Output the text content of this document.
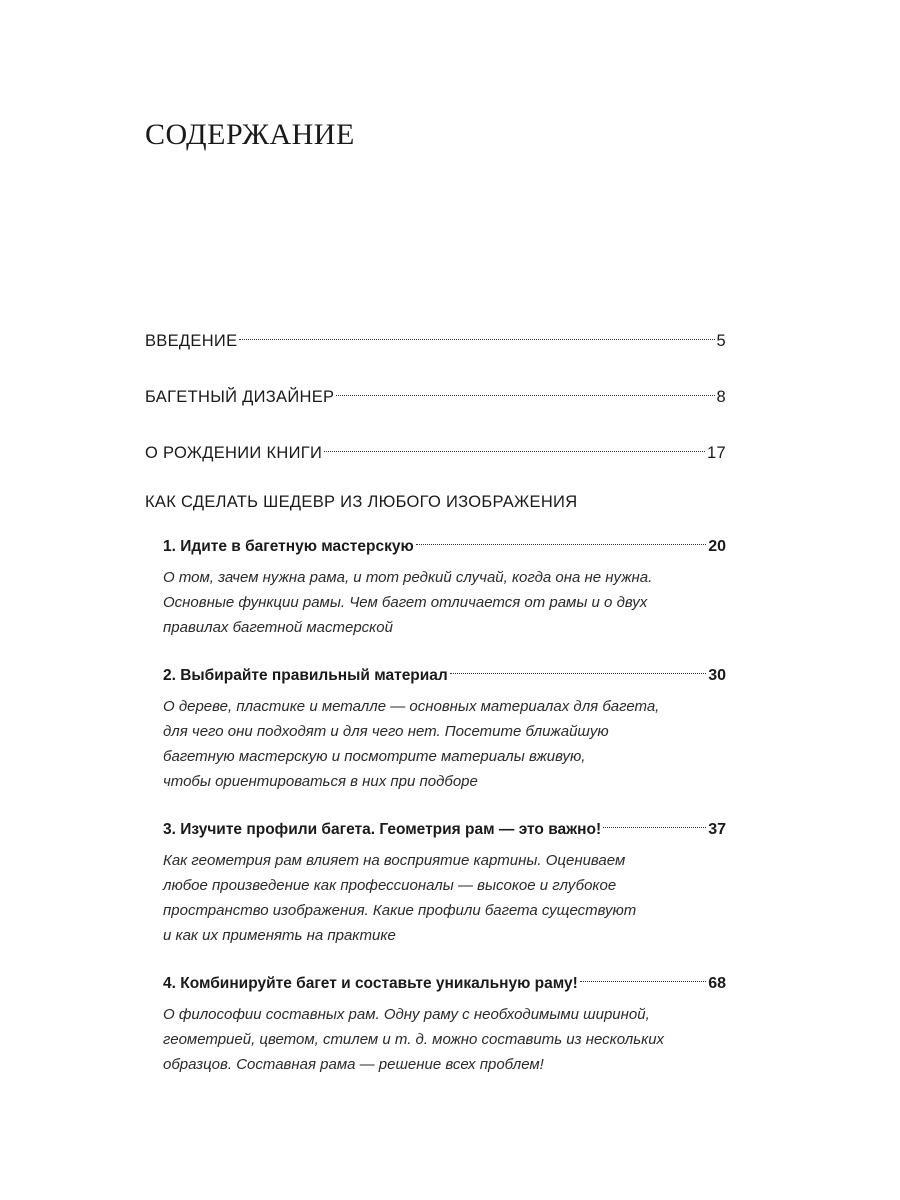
СОДЕРЖАНИЕ
ВВЕДЕНИЕ	5
БАГЕТНЫЙ ДИЗАЙНЕР	8
О РОЖДЕНИИ КНИГИ	17
КАК СДЕЛАТЬ ШЕДЕВР ИЗ ЛЮБОГО ИЗОБРАЖЕНИЯ
1. Идите в багетную мастерскую	20
О том, зачем нужна рама, и тот редкий случай, когда она не нужна.
Основные функции рамы. Чем багет отличается от рамы и о двух
правилах багетной мастерской
2. Выбирайте правильный материал	30
О дереве, пластике и металле — основных материалах для багета,
для чего они подходят и для чего нет. Посетите ближайшую
багетную мастерскую и посмотрите материалы вживую,
чтобы ориентироваться в них при подборе
3. Изучите профили багета. Геометрия рам — это важно!	37
Как геометрия рам влияет на восприятие картины. Оцениваем
любое произведение как профессионалы — высокое и глубокое
пространство изображения. Какие профили багета существуют
и как их применять на практике
4. Комбинируйте багет и составьте уникальную раму!	68
О философии составных рам. Одну раму с необходимыми шириной,
геометрией, цветом, стилем и т. д. можно составить из нескольких
образцов. Составная рама — решение всех проблем!
